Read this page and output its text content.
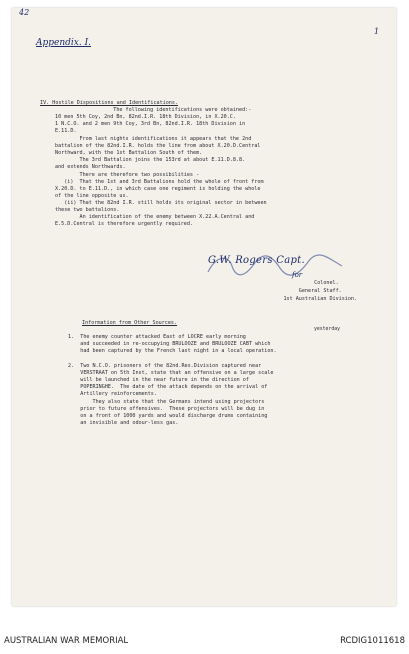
42
Appendix. I.
1
IV. Hostile Dispositions and Identifications.
The following identifications were obtained:-
10 men 5th Coy, 2nd Bn, 82nd.I.R. 18th Division, in X.20.C.
1 N.C.O. and 2 men 9th Coy, 3rd Bn, 82nd.I.R. 18th Division in
E.11.D.
From last nights identifications it appears that the 2nd
battalion of the 82nd.I.R. holds the line from about X.20.D.Central
Northward, with the 1st Battalion South of them.
The 3rd Battalion joins the 153rd at about E.11.D.8.8.
and extends Northwards.
There are therefore two possibilities -
(i)  That the 1st and 3rd Battalions hold the whole of front from
X.20.D. to E.11.D., in which case one regiment is holding the whole
of the line opposite us.
(ii) That the 82nd I.R. still holds its original sector in between
these two battalions.
An identification of the enemy between X.22.A.Central and
E.5.D.Central is therefore urgently required.
G.W. Rogers Capt.
for
Colonel.
General Staff.
1st Australian Division.
Information from Other Sources.
yesterday
1.  The enemy counter attacked East of LOCRE early morning
and succeeded in re-occupying BRULOOZE and BRULOOZE CABT which
had been captured by the French last night in a local operation.
2.  Two N.C.O. prisoners of the 82nd.Res.Division captured near
VERSTRAAT on 5th Inst, state that an offensive on a large scale
will be launched in the near future in the direction of
POPERINGHE.  The date of the attack depends on the arrival of
Artillery reinforcements.
They also state that the Germans intend using projectors
prior to future offensives.  These projectors will be dug in
on a front of 1000 yards and would discharge drums containing
an invisible and odour-less gas.
AUSTRALIAN WAR MEMORIAL	RCDIG1011618
